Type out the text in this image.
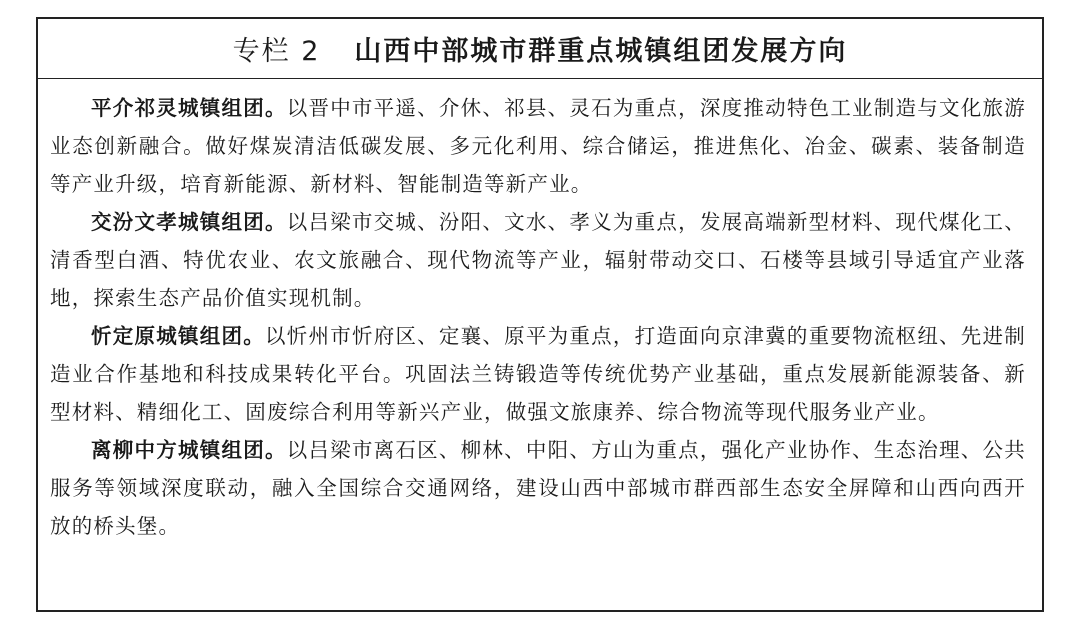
专栏 2 山西中部城市群重点城镇组团发展方向

平介祁灵城镇组团。以晋中市平遥、介休、祁县、灵石为重点，深度推动特色工业制造与文化旅游业态创新融合。做好煤炭清洁低碳发展、多元化利用、综合储运，推进焦化、冶金、碳素、装备制造等产业升级，培育新能源、新材料、智能制造等新产业。

交汾文孝城镇组团。以吕梁市交城、汾阳、文水、孝义为重点，发展高端新型材料、现代煤化工、清香型白酒、特优农业、农文旅融合、现代物流等产业，辐射带动交口、石楼等县域引导适宜产业落地，探索生态产品价值实现机制。

忻定原城镇组团。以忻州市忻府区、定襄、原平为重点，打造面向京津冀的重要物流枢纽、先进制造业合作基地和科技成果转化平台。巩固法兰铸锻造等传统优势产业基础，重点发展新能源装备、新型材料、精细化工、固废综合利用等新兴产业，做强文旅康养、综合物流等现代服务业产业。

离柳中方城镇组团。以吕梁市离石区、柳林、中阳、方山为重点，强化产业协作、生态治理、公共服务等领域深度联动，融入全国综合交通网络，建设山西中部城市群西部生态安全屏障和山西向西开放的桥头堡。
